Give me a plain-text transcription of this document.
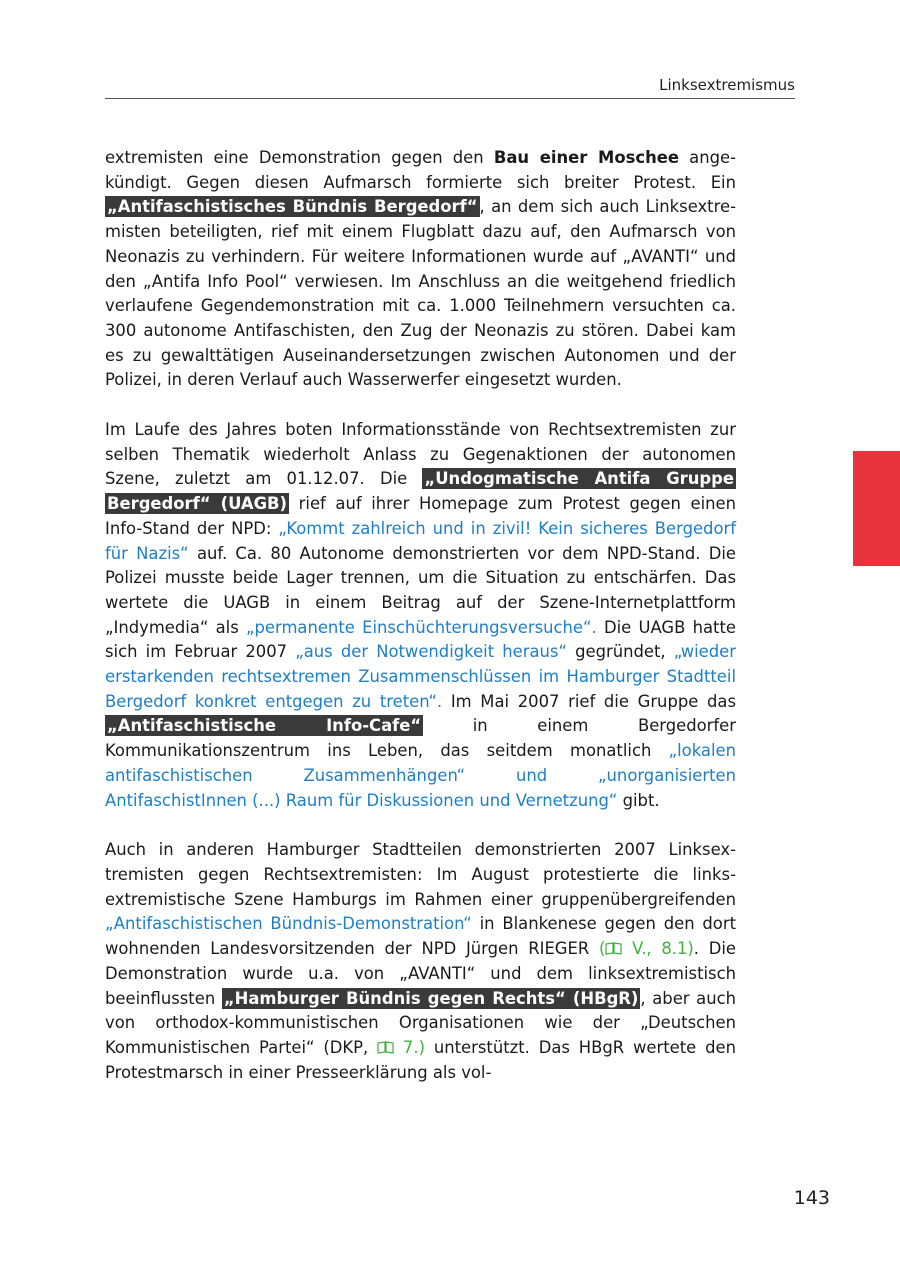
Linksextremismus

extremisten eine Demonstration gegen den Bau einer Moschee angekündigt. Gegen diesen Aufmarsch formierte sich breiter Protest. Ein „Antifaschistisches Bündnis Bergedorf“ , an dem sich auch Linksextremisten beteiligten, rief mit einem Flugblatt dazu auf, den Aufmarsch von Neonazis zu verhindern. Für weitere Informationen wurde auf „AVANTI“ und den „Antifa Info Pool“ verwiesen. Im Anschluss an die weitgehend friedlich verlaufene Gegendemonstration mit ca. 1.000 Teilnehmern versuchten ca. 300 autonome Antifaschisten, den Zug der Neonazis zu stören. Dabei kam es zu gewalttätigen Auseinandersetzungen zwischen Autonomen und der Polizei, in deren Verlauf auch Wasserwerfer eingesetzt wurden.

Im Laufe des Jahres boten Informationsstände von Rechtsextremisten zur selben Thematik wiederholt Anlass zu Gegenaktionen der autonomen Szene, zuletzt am 01.12.07. Die „Undogmatische Antifa Gruppe Bergedorf“ (UAGB) rief auf ihrer Homepage zum Protest gegen einen Info-Stand der NPD: „Kommt zahlreich und in zivil! Kein sicheres Bergedorf für Nazis“ auf. Ca. 80 Autonome demonstrierten vor dem NPD-Stand. Die Polizei musste beide Lager trennen, um die Situation zu entschärfen. Das wertete die UAGB in einem Beitrag auf der Szene-Internetplattform „Indymedia“ als „permanente Einschüchterungsversuche“. Die UAGB hatte sich im Februar 2007 „aus der Notwendigkeit heraus“ gegründet, „wieder erstarkenden rechtsextremen Zusammenschlüssen im Hamburger Stadtteil Bergedorf konkret entgegen zu treten“. Im Mai 2007 rief die Gruppe das „Antifaschistische Info-Cafe“ in einem Bergedorfer Kommunikationszentrum ins Leben, das seitdem monatlich „lokalen antifaschistischen Zusammenhängen“ und „unorganisierten AntifaschistInnen (...) Raum für Diskussionen und Vernetzung“ gibt.

Auch in anderen Hamburger Stadtteilen demonstrierten 2007 Linksextremisten gegen Rechtsextremisten: Im August protestierte die linksextremistische Szene Hamburgs im Rahmen einer gruppenübergreifenden „Antifaschistischen Bündnis-Demonstration“ in Blankenese gegen den dort wohnenden Landesvorsitzenden der NPD Jürgen RIEGER ( V., 8.1). Die Demonstration wurde u.a. von „AVANTI“ und dem linksextremistisch beeinflussten „Hamburger Bündnis gegen Rechts“ (HBgR) , aber auch von orthodox-kommunistischen Organisationen wie der „Deutschen Kommunistischen Partei“ (DKP,  7.) unterstützt. Das HBgR wertete den Protestmarsch in einer Presseerklärung als vol-

143
